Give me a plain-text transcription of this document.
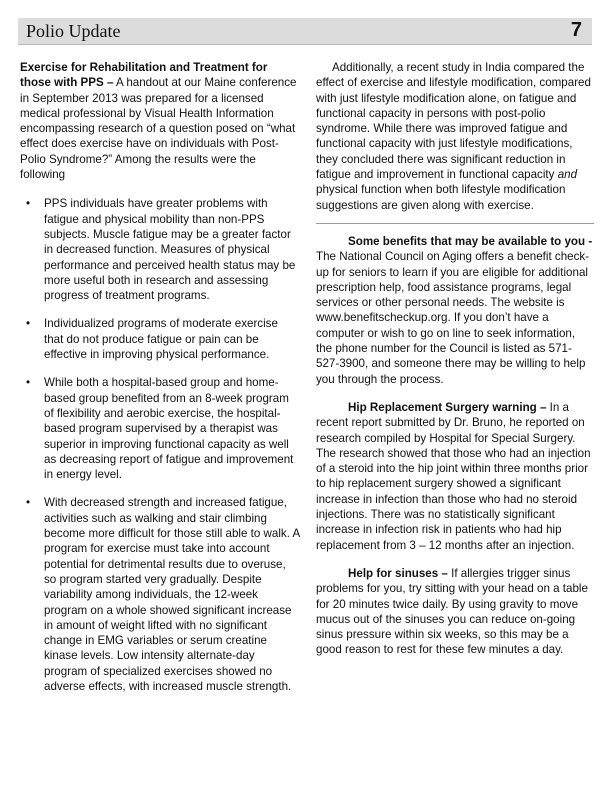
Polio Update	7

Exercise for Rehabilitation and Treatment for
those with PPS – A handout at our Maine conference in September 2013 was prepared for a licensed medical professional by Visual Health Information encompassing research of a question posed on “what effect does exercise have on individuals with Post-Polio Syndrome?” Among the results were the following

• PPS individuals have greater problems with fatigue and physical mobility than non-PPS subjects. Muscle fatigue may be a greater factor in decreased function. Measures of physical performance and perceived health status may be more useful both in research and assessing progress of treatment programs.
• Individualized programs of moderate exercise that do not produce fatigue or pain can be effective in improving physical performance.
• While both a hospital-based group and home-based group benefited from an 8-week program of flexibility and aerobic exercise, the hospital-based program supervised by a therapist was superior in improving functional capacity as well as decreasing report of fatigue and improvement in energy level.
• With decreased strength and increased fatigue, activities such as walking and stair climbing become more difficult for those still able to walk. A program for exercise must take into account potential for detrimental results due to overuse, so program started very gradually. Despite variability among individuals, the 12-week program on a whole showed significant increase in amount of weight lifted with no significant change in EMG variables or serum creatine kinase levels. Low intensity alternate-day program of specialized exercises showed no adverse effects, with increased muscle strength.

Additionally, a recent study in India compared the effect of exercise and lifestyle modification, compared with just lifestyle modification alone, on fatigue and functional capacity in persons with post-polio syndrome. While there was improved fatigue and functional capacity with just lifestyle modifications, they concluded there was significant reduction in fatigue and improvement in functional capacity and physical function when both lifestyle modification suggestions are given along with exercise.

Some benefits that may be available to you - The National Council on Aging offers a benefit check-up for seniors to learn if you are eligible for additional prescription help, food assistance programs, legal services or other personal needs. The website is www.benefitscheckup.org. If you don’t have a computer or wish to go on line to seek information, the phone number for the Council is listed as 571-527-3900, and someone there may be willing to help you through the process.

Hip Replacement Surgery warning – In a recent report submitted by Dr. Bruno, he reported on research compiled by Hospital for Special Surgery. The research showed that those who had an injection of a steroid into the hip joint within three months prior to hip replacement surgery showed a significant increase in infection than those who had no steroid injections. There was no statistically significant increase in infection risk in patients who had hip replacement from 3 – 12 months after an injection.

Help for sinuses – If allergies trigger sinus problems for you, try sitting with your head on a table for 20 minutes twice daily. By using gravity to move mucus out of the sinuses you can reduce on-going sinus pressure within six weeks, so this may be a good reason to rest for these few minutes a day.
